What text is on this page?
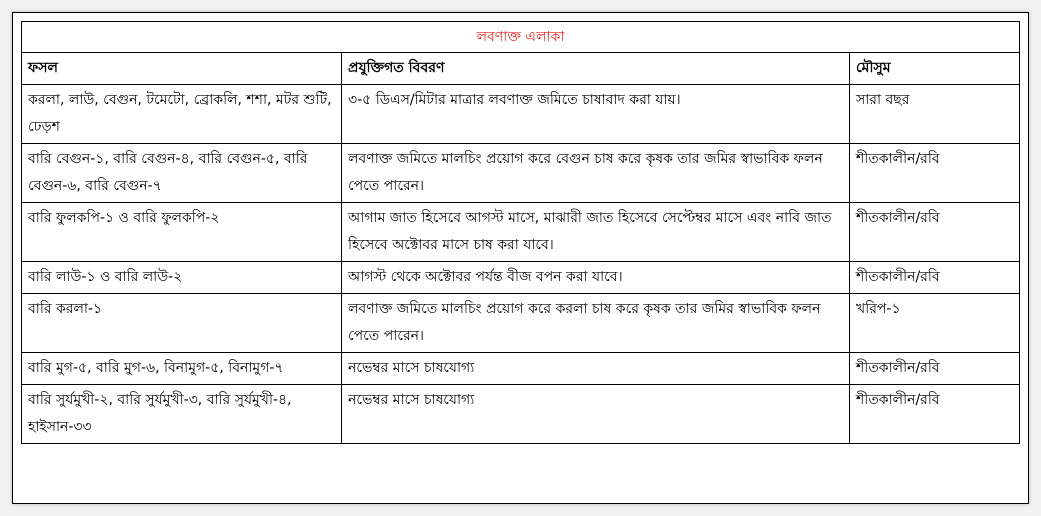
লবণাক্ত এলাকা		
ফসল	প্রযুক্তিগত বিবরণ	মৌসুম
করলা, লাউ, বেগুন, টমেটো, ব্রোকলি, শশা, মটর শুটি, ঢেড়শ	৩-৫ ডিএস/মিটার মাত্রার লবণাক্ত জমিতে চাষাবাদ করা যায়।	সারা বছর
বারি বেগুন-১, বারি বেগুন-৪, বারি বেগুন-৫, বারি বেগুন-৬, বারি বেগুন-৭	লবণাক্ত জমিতে মালচিং প্রয়োগ করে বেগুন চাষ করে কৃষক তার জমির স্বাভাবিক ফলন পেতে পারেন।	শীতকালীন/রবি
বারি ফুলকপি-১ ও বারি ফুলকপি-২	আগাম জাত হিসেবে আগস্ট মাসে, মাঝারী জাত হিসেবে সেপ্টেম্বর মাসে এবং নাবি জাত হিসেবে অক্টোবর মাসে চাষ করা যাবে।	শীতকালীন/রবি
বারি লাউ-১ ও বারি লাউ-২	আগস্ট থেকে অক্টোবর পর্যন্ত বীজ বপন করা যাবে।	শীতকালীন/রবি
বারি করলা-১	লবণাক্ত জমিতে মালচিং প্রয়োগ করে করলা চাষ করে কৃষক তার জমির স্বাভাবিক ফলন পেতে পারেন।	খরিপ-১
বারি মুগ-৫, বারি মুগ-৬, বিনামুগ-৫, বিনামুগ-৭	নভেম্বর মাসে চাষযোগ্য	শীতকালীন/রবি
বারি সুর্যমুখী-২, বারি সুর্যমুখী-৩, বারি সুর্যমুখী-৪, হাইসান-৩৩	নভেম্বর মাসে চাষযোগ্য	শীতকালীন/রবি
